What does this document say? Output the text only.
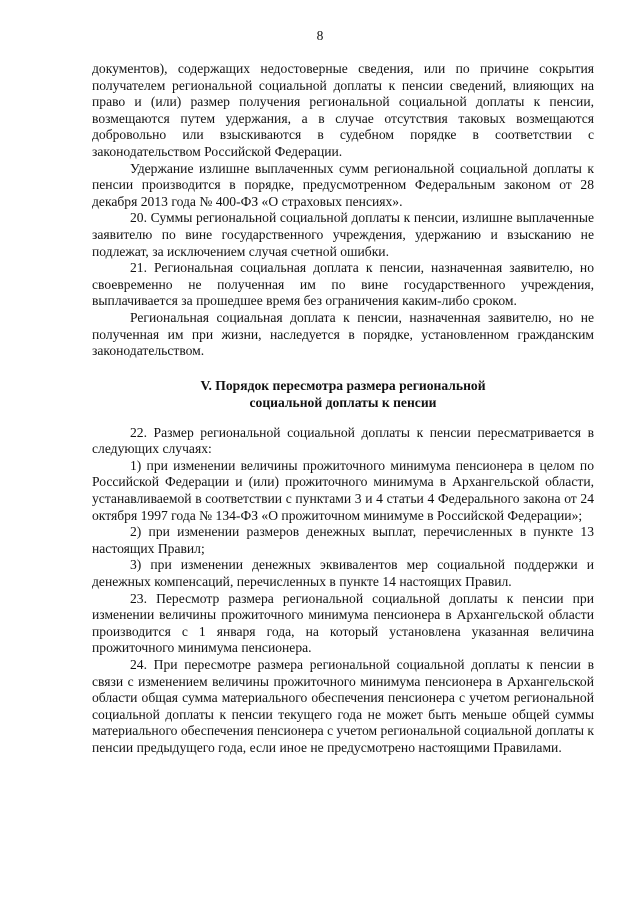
8

документов), содержащих недостоверные сведения, или по причине сокрытия получателем региональной социальной доплаты к пенсии сведений, влияющих на право и (или) размер получения региональной социальной доплаты к пенсии, возмещаются путем удержания, а в случае отсутствия таковых возмещаются добровольно или взыскиваются в судебном порядке в соответствии с законодательством Российской Федерации.

Удержание излишне выплаченных сумм региональной социальной доплаты к пенсии производится в порядке, предусмотренном Федеральным законом от 28 декабря 2013 года № 400-ФЗ «О страховых пенсиях».

20. Суммы региональной социальной доплаты к пенсии, излишне выплаченные заявителю по вине государственного учреждения, удержанию и взысканию не подлежат, за исключением случая счетной ошибки.

21. Региональная социальная доплата к пенсии, назначенная заявителю, но своевременно не полученная им по вине государственного учреждения, выплачивается за прошедшее время без ограничения каким-либо сроком.

Региональная социальная доплата к пенсии, назначенная заявителю, но не полученная им при жизни, наследуется в порядке, установленном гражданским законодательством.

V. Порядок пересмотра размера региональной
социальной доплаты к пенсии

22. Размер региональной социальной доплаты к пенсии пересматривается в следующих случаях:

1) при изменении величины прожиточного минимума пенсионера в целом по Российской Федерации и (или) прожиточного минимума в Архангельской области, устанавливаемой в соответствии с пунктами 3 и 4 статьи 4 Федерального закона от 24 октября 1997 года № 134-ФЗ «О прожиточном минимуме в Российской Федерации»;

2) при изменении размеров денежных выплат, перечисленных в пункте 13 настоящих Правил;

3) при изменении денежных эквивалентов мер социальной поддержки и денежных компенсаций, перечисленных в пункте 14 настоящих Правил.

23. Пересмотр размера региональной социальной доплаты к пенсии при изменении величины прожиточного минимума пенсионера в Архангельской области производится с 1 января года, на который установлена указанная величина прожиточного минимума пенсионера.

24. При пересмотре размера региональной социальной доплаты к пенсии в связи с изменением величины прожиточного минимума пенсионера в Архангельской области общая сумма материального обеспечения пенсионера с учетом региональной социальной доплаты к пенсии текущего года не может быть меньше общей суммы материального обеспечения пенсионера с учетом региональной социальной доплаты к пенсии предыдущего года, если иное не предусмотрено настоящими Правилами.
